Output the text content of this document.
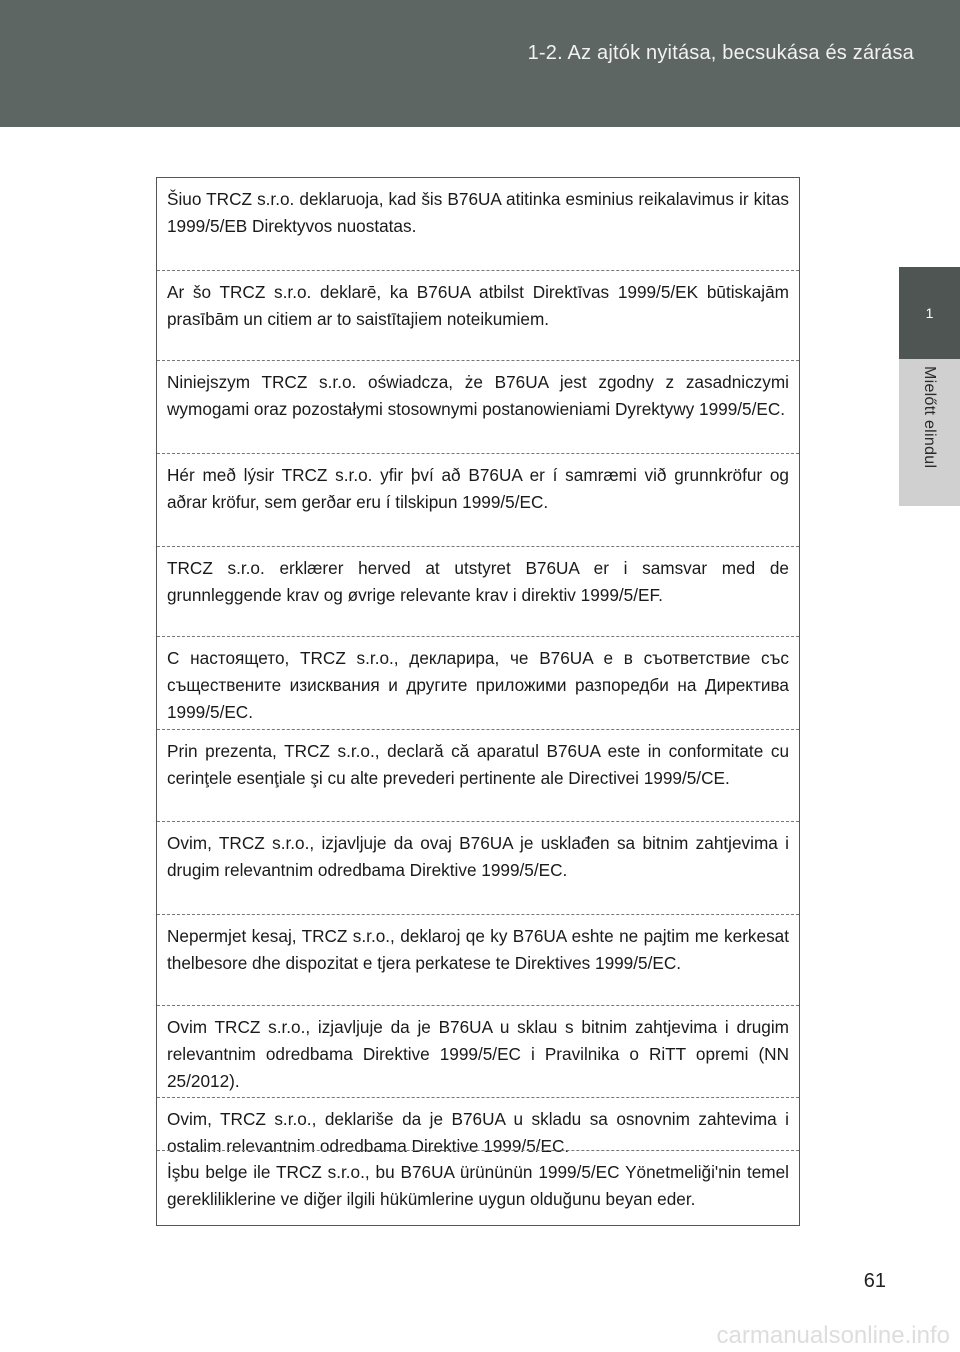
1-2. Az ajtók nyitása, becsukása és zárása
1
Mielőtt elindul
Šiuo TRCZ s.r.o. deklaruoja, kad šis B76UA atitinka esminius reikalavimus ir kitas 1999/5/EB Direktyvos nuostatas.
Ar šo TRCZ s.r.o. deklarē, ka B76UA atbilst Direktīvas 1999/5/EK būtiskajām prasībām un citiem ar to saistītajiem noteikumiem.
Niniejszym TRCZ s.r.o. oświadcza, że B76UA jest zgodny z zasadniczymi wymogami oraz pozostałymi stosownymi postanowieniami Dyrektywy 1999/5/EC.
Hér með lýsir TRCZ s.r.o. yfir því að B76UA er í samræmi við grunnkröfur og aðrar kröfur, sem gerðar eru í tilskipun 1999/5/EC.
TRCZ s.r.o. erklærer herved at utstyret B76UA er i samsvar med de grunnleggende krav og øvrige relevante krav i direktiv 1999/5/EF.
С настоящето, TRCZ s.r.o., декларира, че B76UA е в съответствие със съществените изисквания и другите приложими разпоредби на Директива 1999/5/ЕС.
Prin prezenta, TRCZ s.r.o., declară că aparatul B76UA este in conformitate cu cerinţele esenţiale şi cu alte prevederi pertinente ale Directivei 1999/5/CE.
Ovim, TRCZ s.r.o., izjavljuje da ovaj B76UA je usklađen sa bitnim zahtjevima i drugim relevantnim odredbama Direktive 1999/5/EC.
Nepermjet kesaj, TRCZ s.r.o., deklaroj qe ky B76UA eshte ne pajtim me kerkesat thelbesore dhe dispozitat e tjera perkatese te Direktives 1999/5/EC.
Ovim TRCZ s.r.o., izjavljuje da je B76UA u sklau s bitnim zahtjevima i drugim relevantnim odredbama Direktive 1999/5/EC i Pravilnika o RiTT opremi (NN 25/2012).
Ovim, TRCZ s.r.o., deklariše da je B76UA u skladu sa osnovnim zahtevima i ostalim relevantnim odredbama Direktive 1999/5/EC.
İşbu belge ile TRCZ s.r.o., bu B76UA ürününün 1999/5/EC Yönetmeliği'nin temel gerekliliklerine ve diğer ilgili hükümlerine uygun olduğunu beyan eder.
61
carmanualsonline.info
